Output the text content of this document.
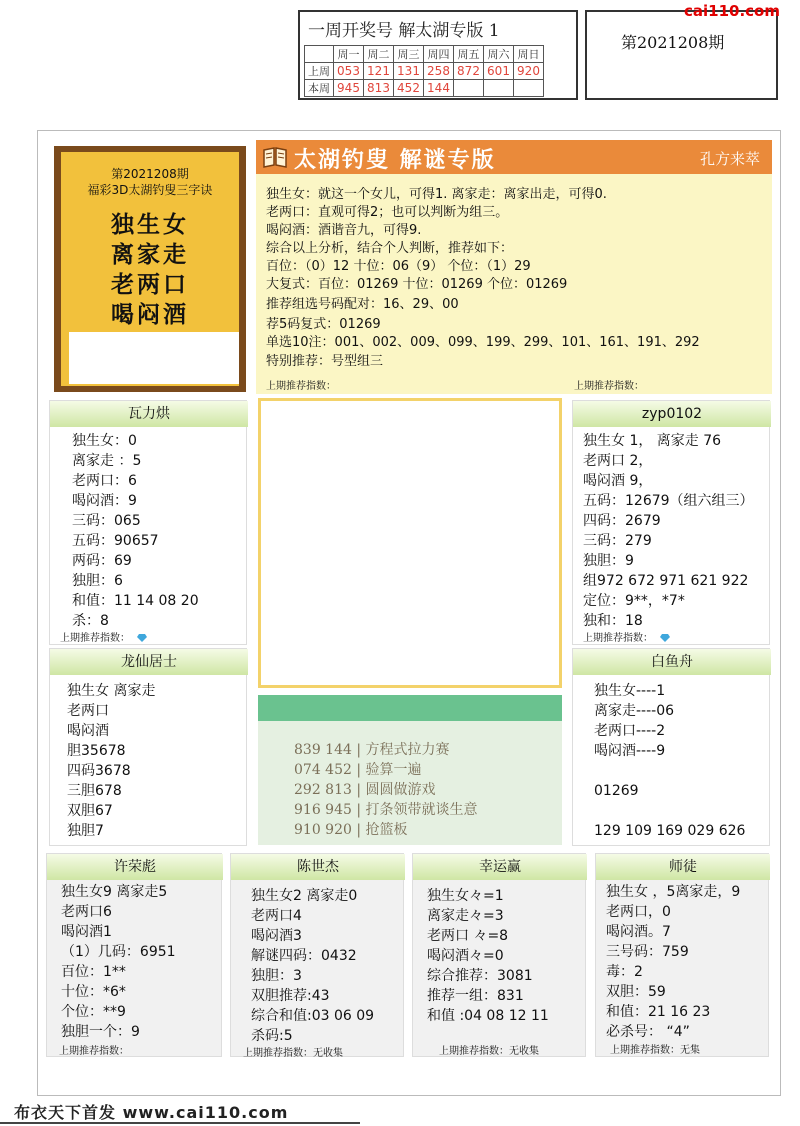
一周开奖号 解太湖专版 1
	周一	周二	周三	周四	周五	周六	周日
上周	053	121	131	258	872	601	920
本周	945	813	452	144			
第2021208期
cai110.com
第2021208期
福彩3D太湖钓叟三字诀
独生女
离家走
老两口
喝闷酒
太湖钓叟 解谜专版	孔方来萃
独生女：就这一个女儿，可得1. 离家走：离家出走，可得0.
老两口：直观可得2；也可以判断为组三。
喝闷酒：酒谐音九，可得9.
综合以上分析，结合个人判断，推荐如下：
百位：（0）12 十位：06（9） 个位：（1）29
大复式：百位：01269 十位：01269 个位：01269
推荐组选号码配对：16、29、00
荐5码复式：01269
单选10注：001、002、009、099、199、299、101、161、191、292
特别推荐：号型组三
上期推荐指数：	上期推荐指数：
瓦力烘
独生女：0
离家走 ：5
老两口：6
喝闷酒：9
三码：065
五码：90657
两码：69
独胆：6
和值：11 14 08 20
杀：8
上期推荐指数：
zyp0102
独生女 1， 离家走 76
老两口 2，
喝闷酒 9，
五码：12679（组六组三）
四码：2679
三码：279
独胆：9
组972 672 971 621 922
定位：9**，*7*
独和：18
上期推荐指数：
龙仙居士
独生女 离家走
老两口
喝闷酒
胆35678
四码3678
三胆678
双胆67
独胆7
839 144 | 方程式拉力赛
074 452 | 验算一遍
292 813 | 圆圆做游戏
916 945 | 打条领带就谈生意
910 920 | 抢篮板
白鱼舟
独生女----1
离家走----06
老两口----2
喝闷酒----9
01269
129 109 169 029 626
许荣彪
独生女9 离家走5
老两口6
喝闷酒1
（1）几码：6951
百位：1**
十位：*6*
个位：**9
独胆一个：9
上期推荐指数：
陈世杰
独生女2 离家走0
老两口4
喝闷酒3
解谜四码：0432
独胆：3
双胆推荐:43
综合和值:03 06 09
杀码:5
上期推荐指数：无收集
幸运赢
独生女々=1
离家走々=3
老两口 々=8
喝闷酒々=0
综合推荐：3081
推荐一组：831
和值 :04 08 12 11
上期推荐指数：无收集
师徒
独生女 ，5离家走，9
老两口，0
喝闷酒。7
三号码：759
毒：2
双胆：59
和值：21 16 23
必杀号： “4”
上期推荐指数：无集
布衣天下首发 www.cai110.com
